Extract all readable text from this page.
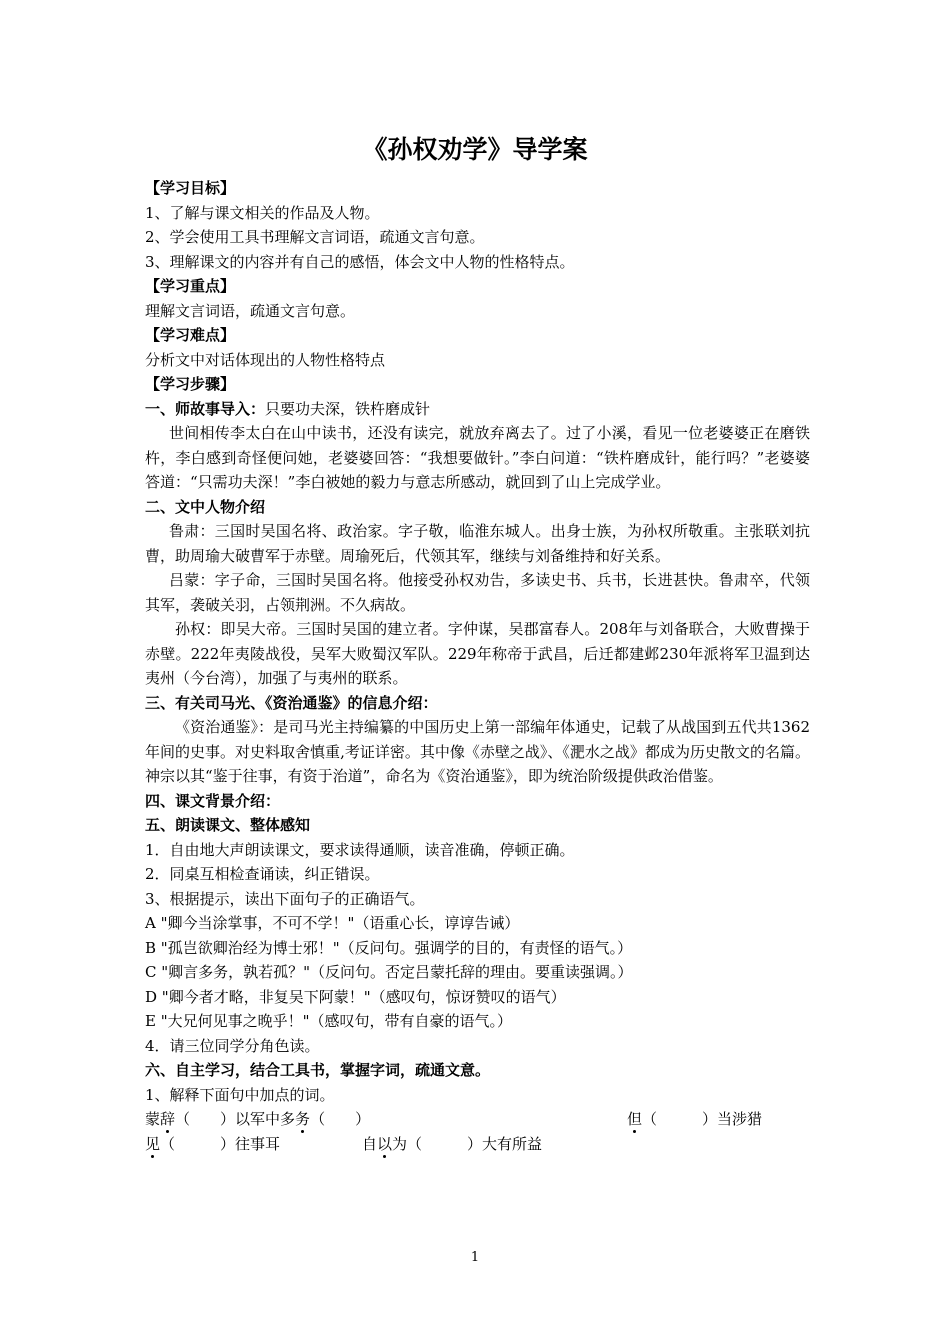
《孙权劝学》导学案

【学习目标】

1、了解与课文相关的作品及人物。

2、学会使用工具书理解文言词语，疏通文言句意。

3、理解课文的内容并有自己的感悟，体会文中人物的性格特点。

【学习重点】

理解文言词语，疏通文言句意。

【学习难点】

分析文中对话体现出的人物性格特点

【学习步骤】

一、师故事导入：只要功夫深，铁杵磨成针

世间相传李太白在山中读书，还没有读完，就放弃离去了。过了小溪，看见一位老婆婆正在磨铁杵，李白感到奇怪便问她，老婆婆回答：“我想要做针。”李白问道：“铁杵磨成针，能行吗？”老婆婆答道：“只需功夫深！”李白被她的毅力与意志所感动，就回到了山上完成学业。

二、文中人物介绍

鲁肃：三国时吴国名将、政治家。字子敬，临淮东城人。出身士族，为孙权所敬重。主张联刘抗曹，助周瑜大破曹军于赤壁。周瑜死后，代领其军，继续与刘备维持和好关系。

吕蒙：字子命，三国时吴国名将。他接受孙权劝告，多读史书、兵书，长进甚快。鲁肃卒，代领其军，袭破关羽，占领荆洲。不久病故。

孙权：即吴大帝。三国时吴国的建立者。字仲谋，吴郡富春人。208年与刘备联合，大败曹操于赤壁。222年夷陵战役，吴军大败蜀汉军队。229年称帝于武昌，后迁都建邺230年派将军卫温到达夷州（今台湾），加强了与夷州的联系。

三、有关司马光、《资治通鉴》的信息介绍：

《资治通鉴》：是司马光主持编纂的中国历史上第一部编年体通史，记载了从战国到五代共1362年间的史事。对史料取舍慎重,考证详密。其中像《赤壁之战》、《淝水之战》都成为历史散文的名篇。神宗以其“鉴于往事，有资于治道”，命名为《资治通鉴》，即为统治阶级提供政治借鉴。

四、课文背景介绍：

五、朗读课文、整体感知

1．自由地大声朗读课文，要求读得通顺，读音准确，停顿正确。

2．同桌互相检查诵读，纠正错误。

3、根据提示，读出下面句子的正确语气。

A "卿今当涂掌事，不可不学！"（语重心长，谆谆告诫）

B "孤岂欲卿治经为博士邪！"（反问句。强调学的目的，有责怪的语气。）

C "卿言多务，孰若孤？"（反问句。否定吕蒙托辞的理由。要重读强调。）

D "卿今者才略，非复吴下阿蒙！"（感叹句，惊讶赞叹的语气）

E "大兄何见事之晚乎！"（感叹句，带有自豪的语气。）

4．请三位同学分角色读。

六、自主学习，结合工具书，掌握字词，疏通文意。

1、解释下面句中加点的词。

蒙辞（　　）以军中多务（　　）	但（　　　）当涉猎
见（　　　）往事耳	自以为（　　　）大有所益
1
